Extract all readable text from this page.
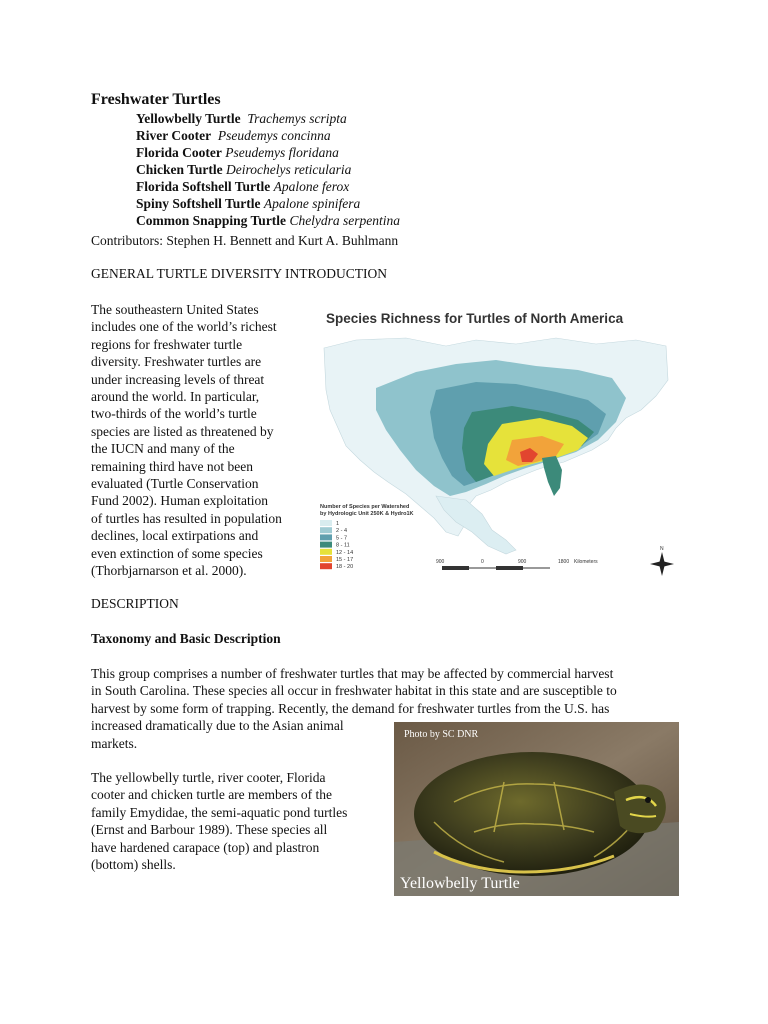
Freshwater Turtles
Yellowbelly Turtle Trachemys scripta
River Cooter Pseudemys concinna
Florida Cooter Pseudemys floridana
Chicken Turtle Deirochelys reticularia
Florida Softshell Turtle Apalone ferox
Spiny Softshell Turtle Apalone spinifera
Common Snapping Turtle Chelydra serpentina
Contributors: Stephen H. Bennett and Kurt A. Buhlmann
GENERAL TURTLE DIVERSITY INTRODUCTION
The southeastern United States
includes one of the world’s richest
regions for freshwater turtle
diversity. Freshwater turtles are
under increasing levels of threat
around the world. In particular,
two-thirds of the world’s turtle
species are listed as threatened by
the IUCN and many of the
remaining third have not been
evaluated (Turtle Conservation
Fund 2002). Human exploitation
of turtles has resulted in population
declines, local extirpations and
even extinction of some species
(Thorbjarnarson et al. 2000).
Species Richness for Turtles of North America
Number of Species per Watershed
by Hydrologic Unit 250K & Hydro1K
1
2 - 4
5 - 7
8 - 11
12 - 14
15 - 17
18 - 20
900	0	900	1800 Kilometers
N
DESCRIPTION
Taxonomy and Basic Description
This group comprises a number of freshwater turtles that may be affected by commercial harvest
in South Carolina. These species all occur in freshwater habitat in this state and are susceptible to
harvest by some form of trapping. Recently, the demand for freshwater turtles from the U.S. has
increased dramatically due to the Asian animal
markets.
The yellowbelly turtle, river cooter, Florida
cooter and chicken turtle are members of the
family Emydidae, the semi-aquatic pond turtles
(Ernst and Barbour 1989). These species all
have hardened carapace (top) and plastron
(bottom) shells.
Photo by SC DNR
Yellowbelly Turtle
